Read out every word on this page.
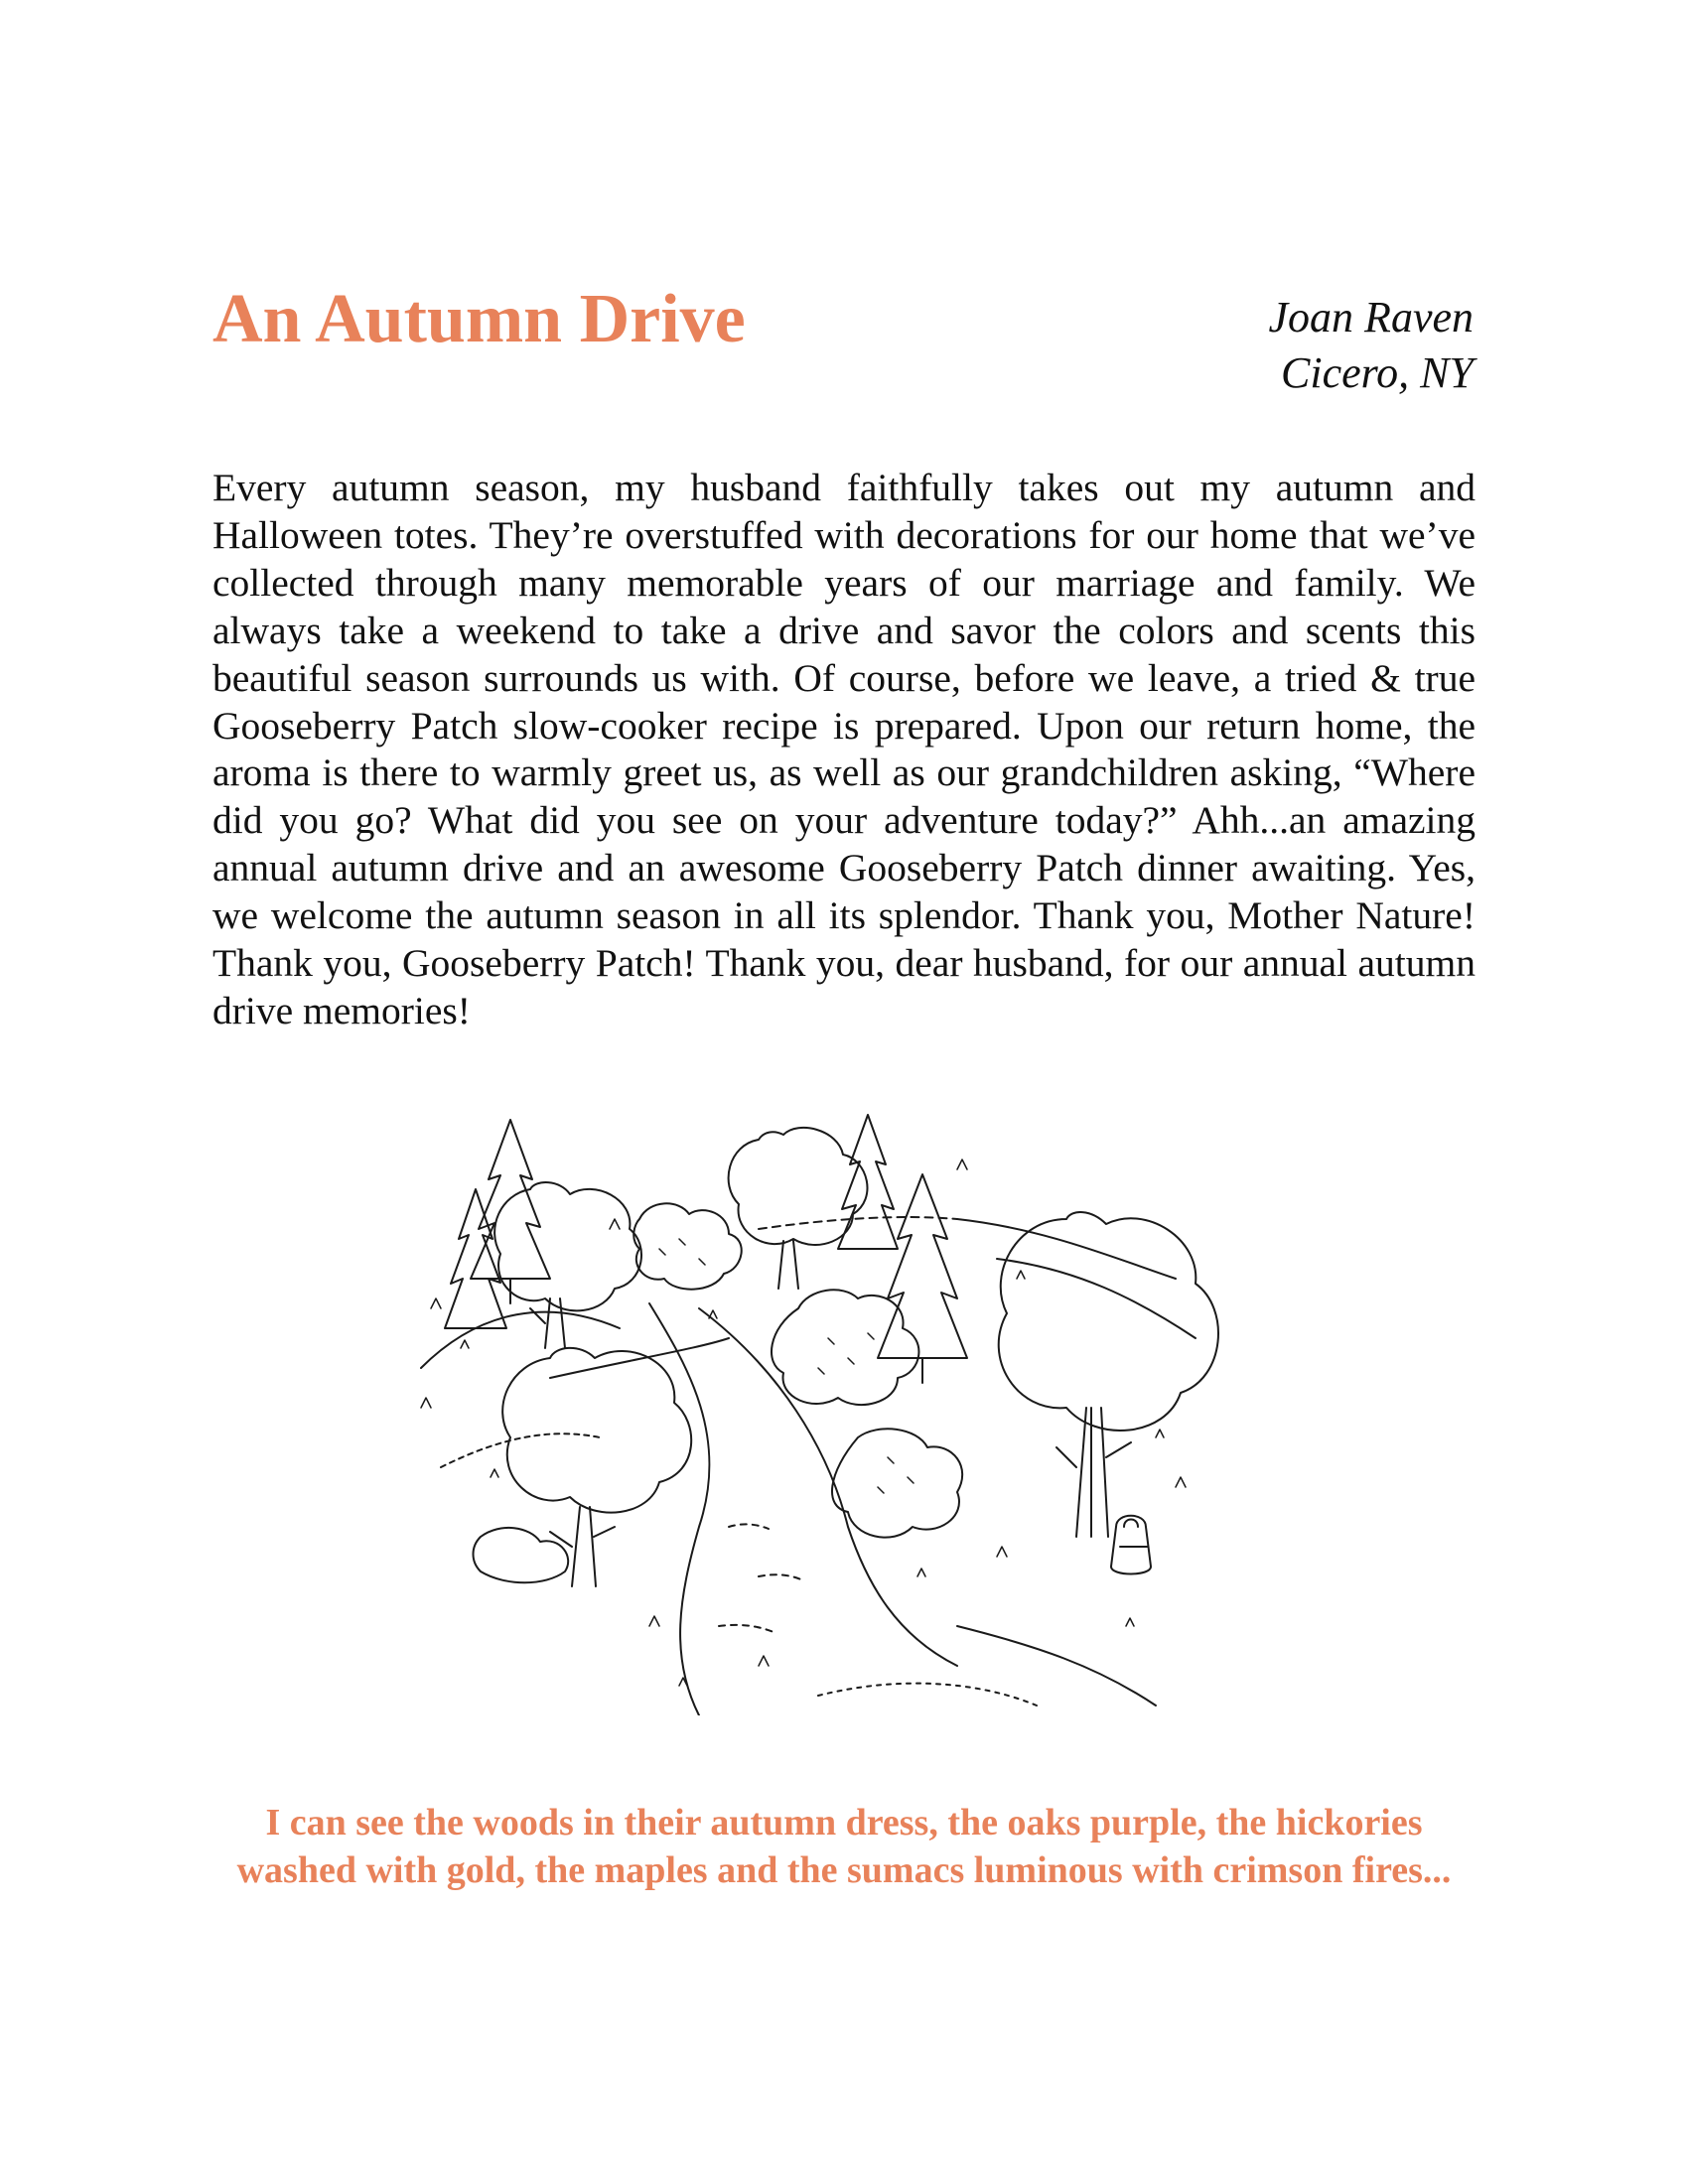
An Autumn Drive	Joan Raven
Cicero, NY

Every autumn season, my husband faithfully takes out my autumn and Halloween totes. They’re overstuffed with decorations for our home that we’ve collected through many memorable years of our marriage and family. We always take a weekend to take a drive and savor the colors and scents this beautiful season surrounds us with. Of course, before we leave, a tried & true Gooseberry Patch slow-cooker recipe is prepared. Upon our return home, the aroma is there to warmly greet us, as well as our grandchildren asking, “Where did you go? What did you see on your adventure today?” Ahh...an amazing annual autumn drive and an awesome Gooseberry Patch dinner awaiting. Yes, we welcome the autumn season in all its splendor. Thank you, Mother Nature! Thank you, Gooseberry Patch! Thank you, dear husband, for our annual autumn drive memories!

I can see the woods in their autumn dress, the oaks purple, the hickories washed with gold, the maples and the sumacs luminous with crimson fires...
